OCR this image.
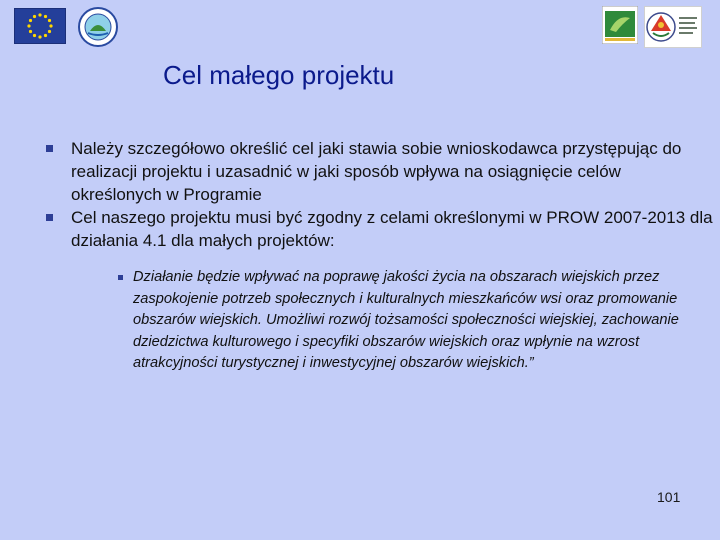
Cel małego projektu
Należy szczegółowo określić cel jaki stawia sobie wnioskodawca przystępując do realizacji projektu i uzasadnić w jaki sposób wpływa na osiągnięcie celów określonych w Programie
Cel naszego projektu musi być zgodny z celami określonymi w PROW 2007-2013 dla działania 4.1 dla małych projektów:
Działanie będzie wpływać na poprawę jakości życia na obszarach wiejskich przez zaspokojenie potrzeb społecznych i kulturalnych mieszkańców wsi oraz promowanie obszarów wiejskich. Umożliwi rozwój tożsamości społeczności wiejskiej, zachowanie dziedzictwa kulturowego i specyfiki obszarów wiejskich oraz wpłynie na wzrost atrakcyjności turystycznej i inwestycyjnej obszarów wiejskich.”
101
